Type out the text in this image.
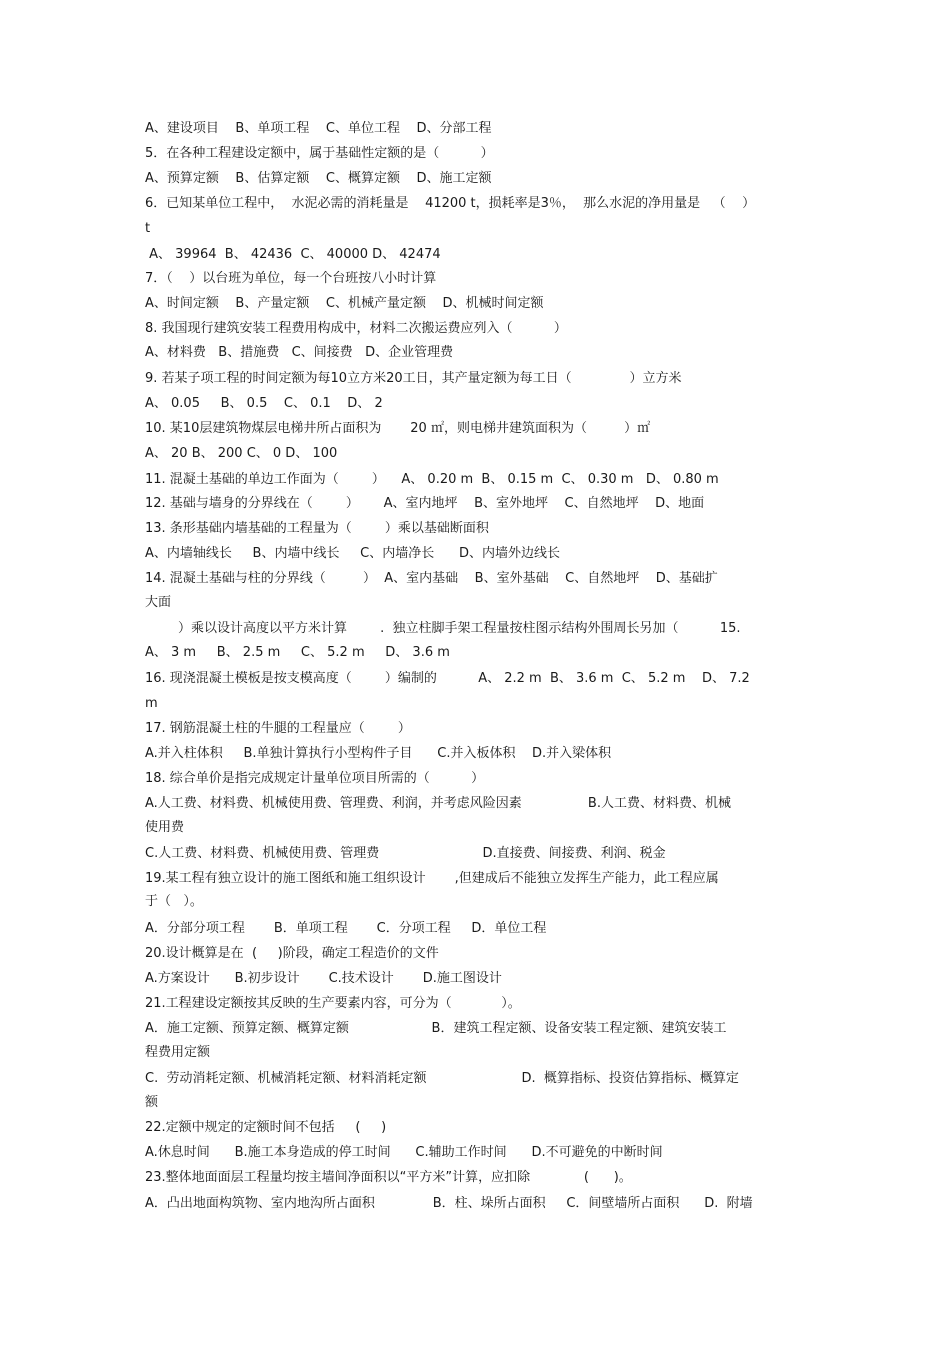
A、建设项目    B、单项工程    C、单位工程    D、分部工程
5．在各种工程建设定额中，属于基础性定额的是（          ）
A、预算定额    B、估算定额    C、概算定额    D、施工定额
6．已知某单位工程中，  水泥必需的消耗量是    41200 t，损耗率是3％，  那么水泥的净用量是   （    ）
t
A、 39964  B、 42436  C、 40000 D、 42474
7．（    ）以台班为单位，每一个台班按八小时计算
A、时间定额    B、产量定额    C、机械产量定额    D、机械时间定额
8. 我国现行建筑安装工程费用构成中，材料二次搬运费应列入（          ）
A、材料费   B、措施费   C、间接费   D、企业管理费
9. 若某子项工程的时间定额为每10立方米20工日，其产量定额为每工日（              ）立方米
A、 0.05     B、 0.5    C、 0.1    D、 2
10. 某10层建筑物煤层电梯井所占面积为       20 ㎡，则电梯井建筑面积为（         ）㎡
A、 20 B、 200 C、 0 D、 100
11. 混凝土基础的单边工作面为（        ）    A、 0.20 m  B、 0.15 m  C、 0.30 m   D、 0.80 m
12. 基础与墙身的分界线在（        ）      A、室内地坪    B、室外地坪    C、自然地坪    D、地面
13. 条形基础内墙基础的工程量为（        ）乘以基础断面积
A、内墙轴线长     B、内墙中线长     C、内墙净长      D、内墙外边线长
14. 混凝土基础与柱的分界线（         ）  A、室内基础    B、室外基础    C、自然地坪    D、基础扩
大面
）乘以设计高度以平方米计算        .  独立柱脚手架工程量按柱图示结构外围周长另加（          15.
A、 3 m     B、 2.5 m     C、 5.2 m     D、 3.6 m
16. 现浇混凝土模板是按支模高度（        ）编制的          A、 2.2 m  B、 3.6 m  C、 5.2 m    D、 7.2
m
17. 钢筋混凝土柱的牛腿的工程量应（        ）
A.并入柱体积     B.单独计算执行小型构件子目      C.并入板体积    D.并入梁体积
18. 综合单价是指完成规定计量单位项目所需的（          ）
A.人工费、材料费、机械使用费、管理费、利润，并考虑风险因素                B.人工费、材料费、机械
使用费
C.人工费、材料费、机械使用费、管理费                         D.直接费、间接费、利润、税金
19.某工程有独立设计的施工图纸和施工组织设计       ,但建成后不能独立发挥生产能力，此工程应属
于（   ）。
A．分部分项工程       B．单项工程       C．分项工程     D．单位工程
20.设计概算是在  (     )阶段，确定工程造价的文件
A.方案设计      B.初步设计       C.技术设计       D.施工图设计
21.工程建设定额按其反映的生产要素内容，可分为（            ）。
A．施工定额、预算定额、概算定额                    B．建筑工程定额、设备安装工程定额、建筑安装工
程费用定额
C.  劳动消耗定额、机械消耗定额、材料消耗定额                       D.  概算指标、投资估算指标、概算定
额
22.定额中规定的定额时间不包括     (     )
A.休息时间      B.施工本身造成的停工时间      C.辅助工作时间      D.不可避免的中断时间
23.整体地面面层工程量均按主墙间净面积以“平方米”计算，应扣除             (      )。
A．凸出地面构筑物、室内地沟所占面积              B．柱、垛所占面积     C．间壁墙所占面积      D.  附墙
